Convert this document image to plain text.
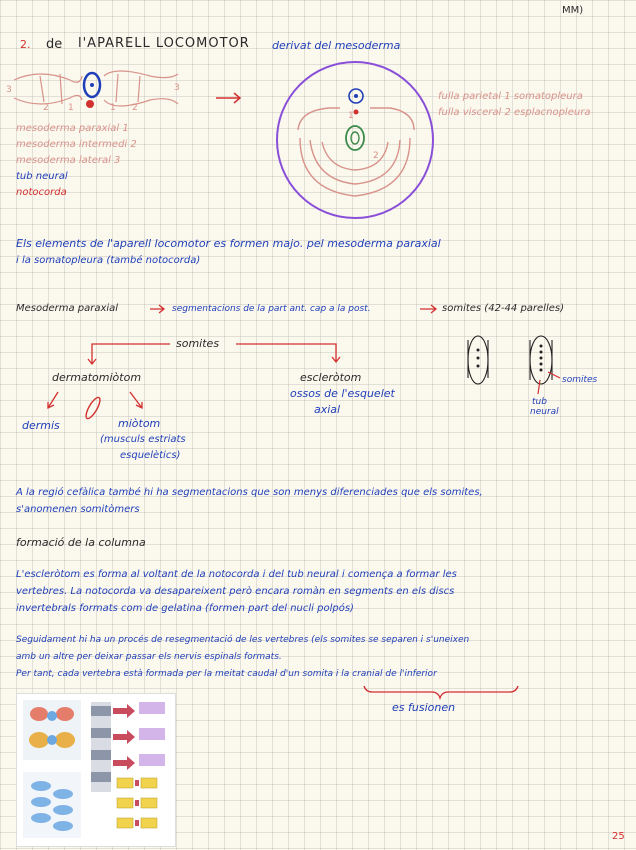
MM)
2. de l'APARELL LOCOMOTOR derivat del mesoderma
3
2 1	1 2
3
mesoderma paraxial 1
mesoderma intermedi 2
mesoderma lateral 3
tub neural
notocorda
1
2
fulla parietal 1 somatopleura
fulla visceral 2 esplacnopleura
Els elements de l'aparell locomotor es formen majo. pel mesoderma paraxial
i la somatopleura (també notocorda)
Mesoderma paraxial	segmentacions de la part ant. cap a la post.	somites (42-44 parelles)
somites
dermatomiòtom	escleròtom
ossos de l'esquelet
axial
dermis	miòtom
(musculs estriats
esquelètics)
somites
tub
neural
A la regió cefàlica també hi ha segmentacions que son menys diferenciades que els somites,
s'anomenen somitòmers
formació de la columna
L'escleròtom es forma al voltant de la notocorda i del tub neural i comença a formar les
vertebres. La notocorda va desapareixent però encara romàn en segments en els discs
invertebrals formats com de gelatina (formen part del nucli polpós)
Seguidament hi ha un procés de resegmentació de les vertebres (els somites se separen i s'uneixen
amb un altre per deixar passar els nervis espinals formats.
Per tant, cada vertebra està formada per la meitat caudal d'un somita i la cranial de l'inferior
es fusionen
25
